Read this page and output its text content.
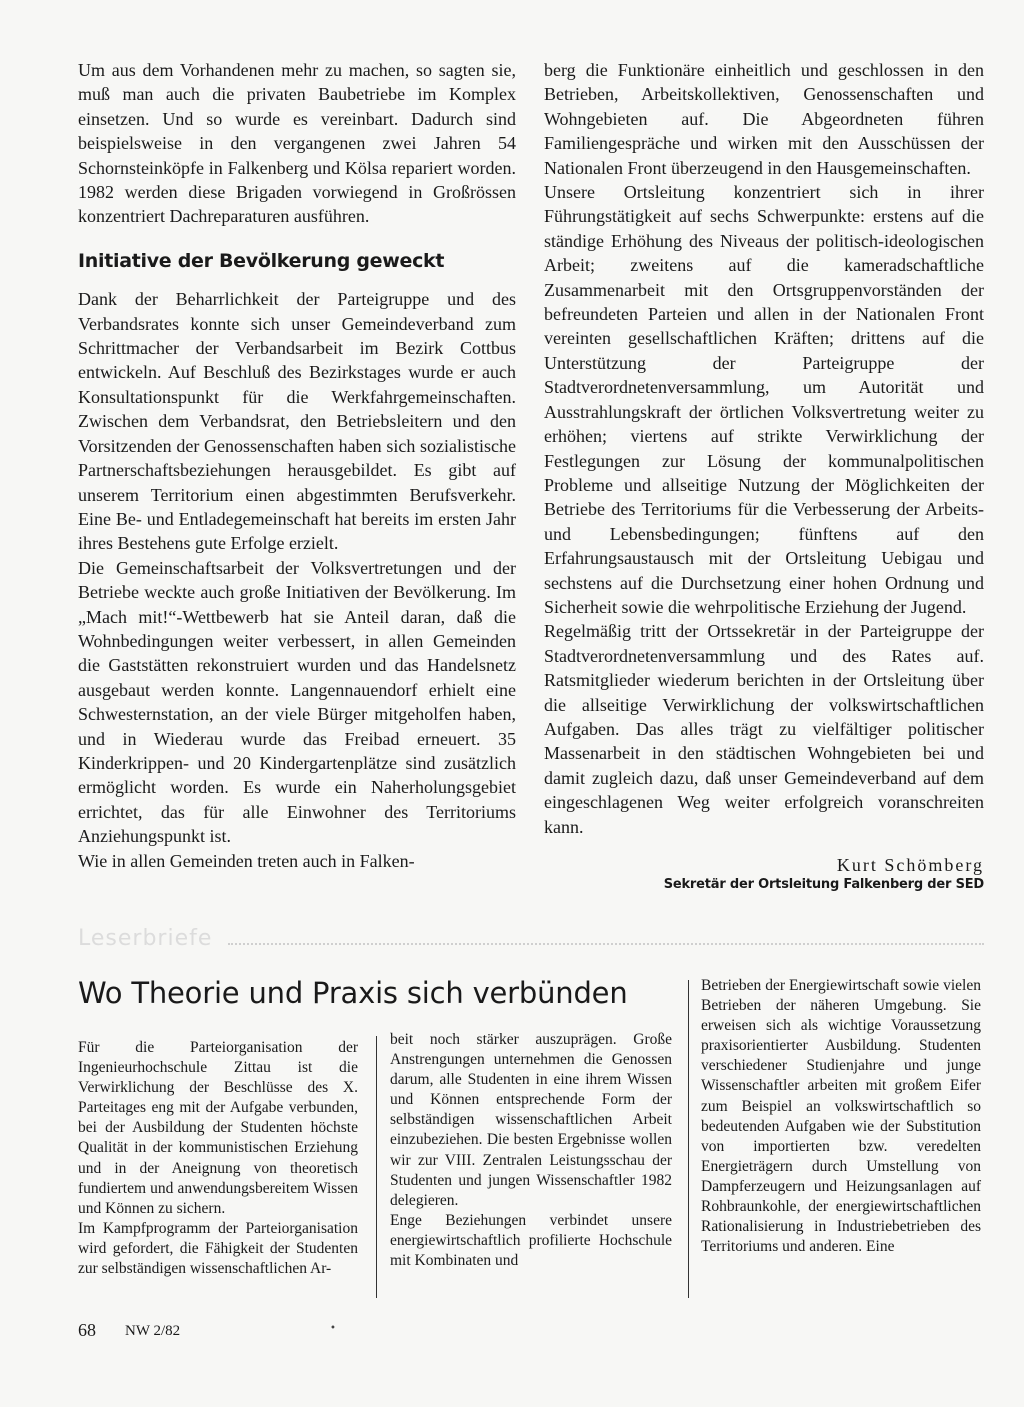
Um aus dem Vorhandenen mehr zu machen, so sagten sie, muß man auch die privaten Baubetriebe im Komplex einsetzen. Und so wurde es vereinbart. Dadurch sind beispielsweise in den vergangenen zwei Jahren 54 Schornsteinköpfe in Falkenberg und Kölsa repariert worden. 1982 werden diese Brigaden vorwiegend in Großrössen konzentriert Dachreparaturen ausführen.

Initiative der Bevölkerung geweckt

Dank der Beharrlichkeit der Parteigruppe und des Verbandsrates konnte sich unser Gemeindeverband zum Schrittmacher der Verbandsarbeit im Bezirk Cottbus entwickeln. Auf Beschluß des Bezirkstages wurde er auch Konsultationspunkt für die Werkfahrgemeinschaften. Zwischen dem Verbandsrat, den Betriebsleitern und den Vorsitzenden der Genossenschaften haben sich sozialistische Partnerschaftsbeziehungen herausgebildet. Es gibt auf unserem Territorium einen abgestimmten Berufsverkehr. Eine Be- und Entladegemeinschaft hat bereits im ersten Jahr ihres Bestehens gute Erfolge erzielt.

Die Gemeinschaftsarbeit der Volksvertretungen und der Betriebe weckte auch große Initiativen der Bevölkerung. Im „Mach mit!“-Wettbewerb hat sie Anteil daran, daß die Wohnbedingungen weiter verbessert, in allen Gemeinden die Gaststätten rekonstruiert wurden und das Handelsnetz ausgebaut werden konnte. Langennauendorf erhielt eine Schwesternstation, an der viele Bürger mitgeholfen haben, und in Wiederau wurde das Freibad erneuert. 35 Kinderkrippen- und 20 Kindergartenplätze sind zusätzlich ermöglicht worden. Es wurde ein Naherholungsgebiet errichtet, das für alle Einwohner des Territoriums Anziehungspunkt ist.

Wie in allen Gemeinden treten auch in Falken-

berg die Funktionäre einheitlich und geschlossen in den Betrieben, Arbeitskollektiven, Genossenschaften und Wohngebieten auf. Die Abgeordneten führen Familiengespräche und wirken mit den Ausschüssen der Nationalen Front überzeugend in den Hausgemeinschaften.

Unsere Ortsleitung konzentriert sich in ihrer Führungstätigkeit auf sechs Schwerpunkte: erstens auf die ständige Erhöhung des Niveaus der politisch-ideologischen Arbeit; zweitens auf die kameradschaftliche Zusammenarbeit mit den Ortsgruppenvorständen der befreundeten Parteien und allen in der Nationalen Front vereinten gesellschaftlichen Kräften; drittens auf die Unterstützung der Parteigruppe der Stadtverordnetenversammlung, um Autorität und Ausstrahlungskraft der örtlichen Volksvertretung weiter zu erhöhen; viertens auf strikte Verwirklichung der Festlegungen zur Lösung der kommunalpolitischen Probleme und allseitige Nutzung der Möglichkeiten der Betriebe des Territoriums für die Verbesserung der Arbeits- und Lebensbedingungen; fünftens auf den Erfahrungsaustausch mit der Ortsleitung Uebigau und sechstens auf die Durchsetzung einer hohen Ordnung und Sicherheit sowie die wehrpolitische Erziehung der Jugend.

Regelmäßig tritt der Ortssekretär in der Parteigruppe der Stadtverordnetenversammlung und des Rates auf. Ratsmitglieder wiederum berichten in der Ortsleitung über die allseitige Verwirklichung der volkswirtschaftlichen Aufgaben. Das alles trägt zu vielfältiger politischer Massenarbeit in den städtischen Wohngebieten bei und damit zugleich dazu, daß unser Gemeindeverband auf dem eingeschlagenen Weg weiter erfolgreich voranschreiten kann.

Kurt Schömberg
Sekretär der Ortsleitung Falkenberg der SED
Leserbriefe
Wo Theorie und Praxis sich verbünden

Für die Parteiorganisation der Ingenieurhochschule Zittau ist die Verwirklichung der Beschlüsse des X. Parteitages eng mit der Aufgabe verbunden, bei der Ausbildung der Studenten höchste Qualität in der kommunistischen Erziehung und in der Aneignung von theoretisch fundiertem und anwendungsbereitem Wissen und Können zu sichern.

Im Kampfprogramm der Parteiorganisation wird gefordert, die Fähigkeit der Studenten zur selbständigen wissenschaftlichen Ar-

beit noch stärker auszuprägen. Große Anstrengungen unternehmen die Genossen darum, alle Studenten in eine ihrem Wissen und Können entsprechende Form der selbständigen wissenschaftlichen Arbeit einzubeziehen. Die besten Ergebnisse wollen wir zur VIII. Zentralen Leistungsschau der Studenten und jungen Wissenschaftler 1982 delegieren.

Enge Beziehungen verbindet unsere energiewirtschaftlich profilierte Hochschule mit Kombinaten und

Betrieben der Energiewirtschaft sowie vielen Betrieben der näheren Umgebung. Sie erweisen sich als wichtige Voraussetzung praxisorientierter Ausbildung. Studenten verschiedener Studienjahre und junge Wissenschaftler arbeiten mit großem Eifer zum Beispiel an volkswirtschaftlich so bedeutenden Aufgaben wie der Substitution von importierten bzw. veredelten Energieträgern durch Umstellung von Dampferzeugern und Heizungsanlagen auf Rohbraunkohle, der energiewirtschaftlichen Rationalisierung in Industriebetrieben des Territoriums und anderen. Eine

68 NW 2/82	•
